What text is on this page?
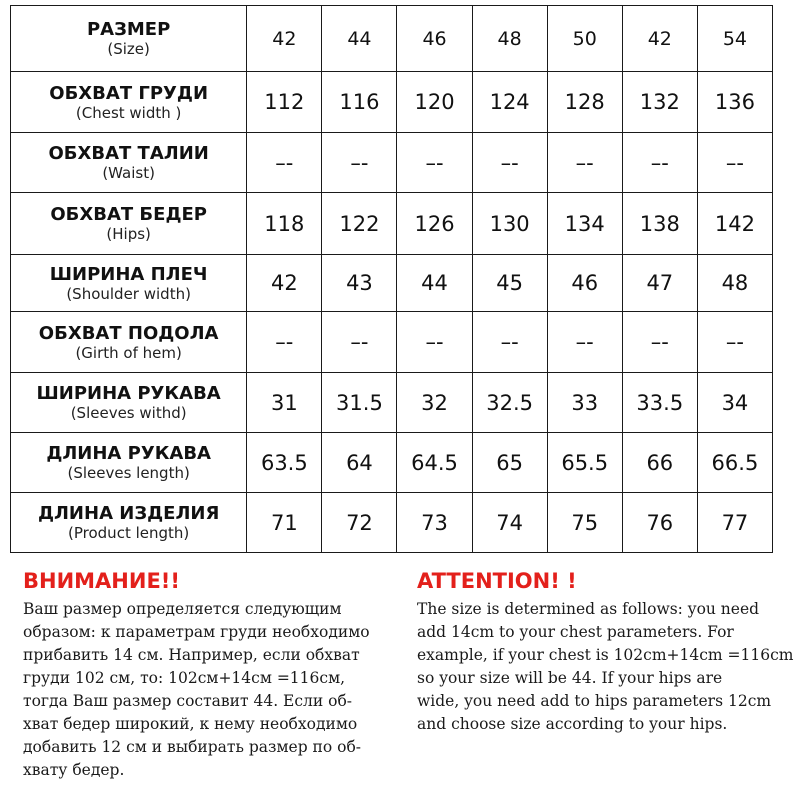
РАЗМЕР
(Size)	42	44	46	48	50	42	54

ОБХВАТ ГРУДИ
(Chest width )	112	116	120	124	128	132	136

ОБХВАТ ТАЛИИ
(Waist)	–-	–-	–-	–-	–-	–-	–-

ОБХВАТ БЕДЕР
(Hips)	118	122	126	130	134	138	142

ШИРИНА ПЛЕЧ
(Shoulder width)	42	43	44	45	46	47	48

ОБХВАТ ПОДОЛА
(Girth of hem)	–-	–-	–-	–-	–-	–-	–-

ШИРИНА РУКАВА
(Sleeves withd)	31	31.5	32	32.5	33	33.5	34

ДЛИНА РУКАВА
(Sleeves length)	63.5	64	64.5	65	65.5	66	66.5

ДЛИНА ИЗДЕЛИЯ
(Product length)	71	72	73	74	75	76	77
ВНИМАНИЕ!!

Ваш размер определяется следующим
образом: к параметрам груди необходимо
прибавить 14 см. Например, если обхват
груди 102 см, то: 102см+14см =116см,
тогда Ваш размер составит 44. Если об-
хват бедер широкий, к нему необходимо
добавить 12 см и выбирать размер по об-
хвату бедер.

ATTENTION! !

The size is determined as follows: you need
add 14cm to your chest parameters. For
example, if your chest is 102cm+14cm =116cm
so your size will be 44. If your hips are
wide, you need add to hips parameters 12cm
and choose size according to your hips.
